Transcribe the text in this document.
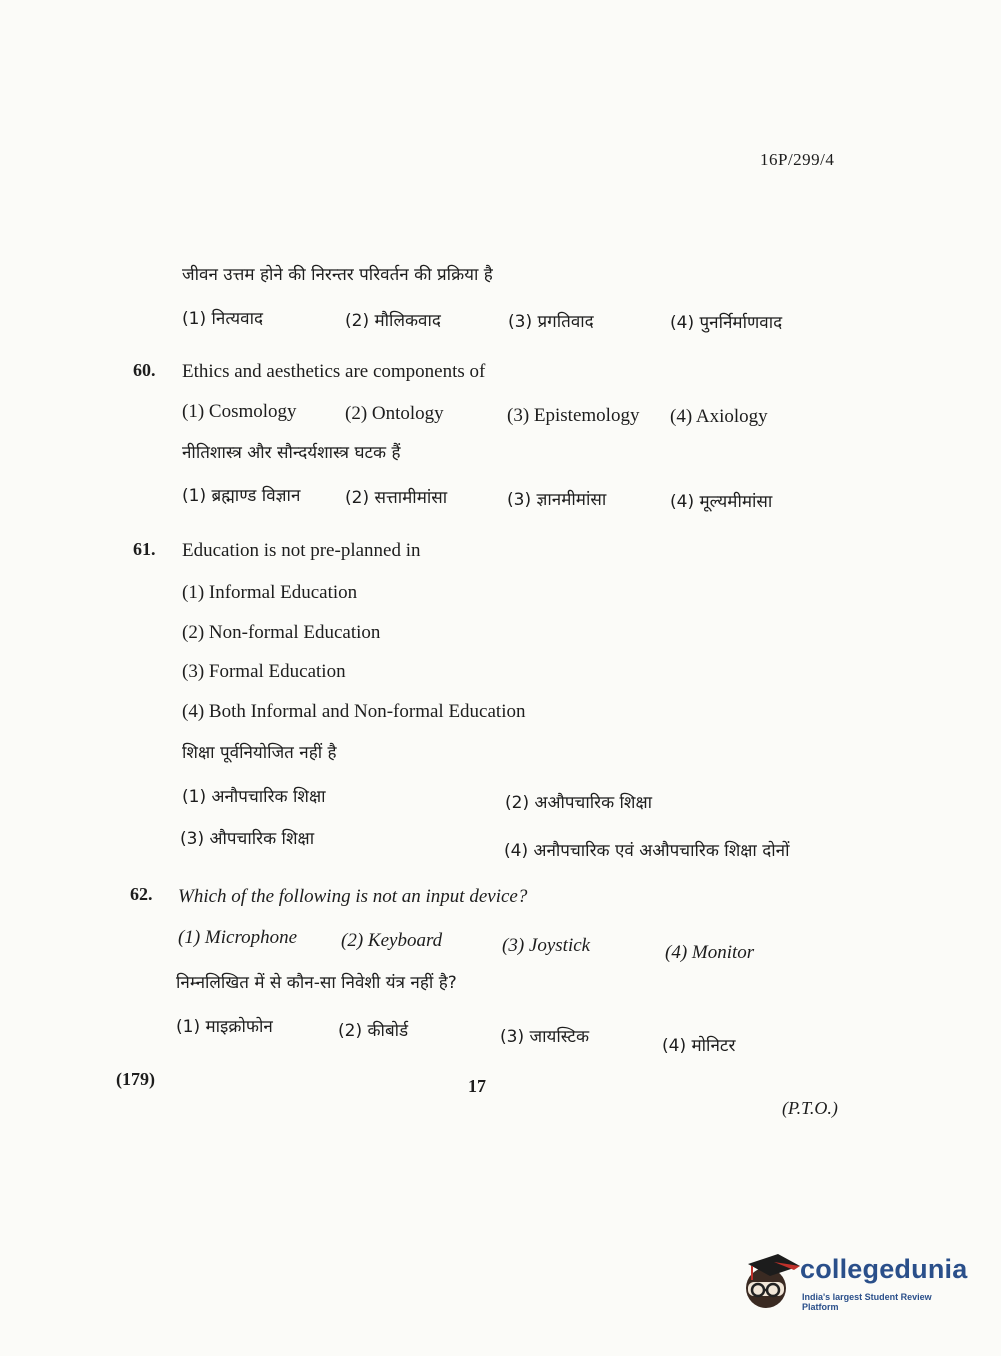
16P/299/4
जीवन उत्तम होने की निरन्तर परिवर्तन की प्रक्रिया है
(1) नित्यवाद	(2) मौलिकवाद	(3) प्रगतिवाद	(4) पुनर्निर्माणवाद
60. Ethics and aesthetics are components of
(1) Cosmology	(2) Ontology	(3) Epistemology (4) Axiology
नीतिशास्त्र और सौन्दर्यशास्त्र घटक हैं
(1) ब्रह्माण्ड विज्ञान	(2) सत्तामीमांसा	(3) ज्ञानमीमांसा	(4) मूल्यमीमांसा
61. Education is not pre-planned in
(1) Informal Education
(2) Non-formal Education
(3) Formal Education
(4) Both Informal and Non-formal Education
शिक्षा पूर्वनियोजित नहीं है
(1) अनौपचारिक शिक्षा	(2) अऔपचारिक शिक्षा
(3) औपचारिक शिक्षा
(4) अनौपचारिक एवं अऔपचारिक शिक्षा दोनों
62. Which of the following is not an input device?
(1) Microphone (2) Keyboard	(3) Joystick	(4) Monitor
निम्नलिखित में से कौन-सा निवेशी यंत्र नहीं है?
(1) माइक्रोफोन	(2) कीबोर्ड	(3) जायस्टिक	(4) मोनिटर
(179)	17
(P.T.O.)
collegedunia
India's largest Student Review Platform
